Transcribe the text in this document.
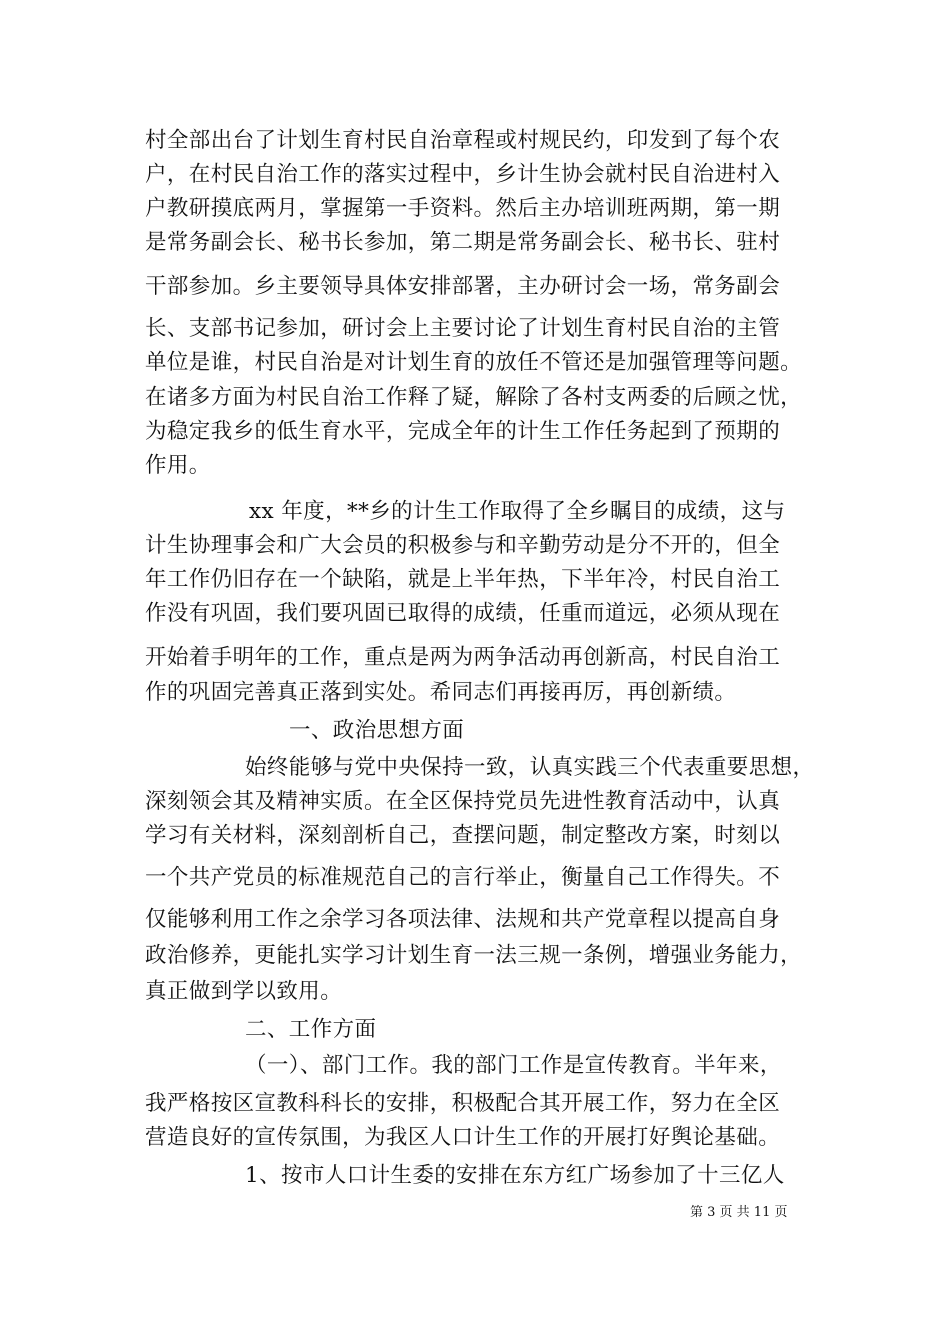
村全部出台了计划生育村民自治章程或村规民约，印发到了每个农
户，在村民自治工作的落实过程中，乡计生协会就村民自治进村入
户教研摸底两月，掌握第一手资料。然后主办培训班两期，第一期
是常务副会长、秘书长参加，第二期是常务副会长、秘书长、驻村
干部参加。乡主要领导具体安排部署，主办研讨会一场，常务副会
长、支部书记参加，研讨会上主要讨论了计划生育村民自治的主管
单位是谁，村民自治是对计划生育的放任不管还是加强管理等问题。
在诸多方面为村民自治工作释了疑，解除了各村支两委的后顾之忧，
为稳定我乡的低生育水平，完成全年的计生工作任务起到了预期的
作用。
xx 年度，**乡的计生工作取得了全乡瞩目的成绩，这与
计生协理事会和广大会员的积极参与和辛勤劳动是分不开的，但全
年工作仍旧存在一个缺陷，就是上半年热，下半年冷，村民自治工
作没有巩固，我们要巩固已取得的成绩，任重而道远，必须从现在
开始着手明年的工作，重点是两为两争活动再创新高，村民自治工
作的巩固完善真正落到实处。希同志们再接再厉，再创新绩。
一、政治思想方面
始终能够与党中央保持一致，认真实践三个代表重要思想，
深刻领会其及精神实质。在全区保持党员先进性教育活动中，认真
学习有关材料，深刻剖析自己，查摆问题，制定整改方案，时刻以
一个共产党员的标准规范自己的言行举止，衡量自己工作得失。不
仅能够利用工作之余学习各项法律、法规和共产党章程以提高自身
政治修养，更能扎实学习计划生育一法三规一条例，增强业务能力，
真正做到学以致用。
二、工作方面
（一）、部门工作。我的部门工作是宣传教育。半年来，
我严格按区宣教科科长的安排，积极配合其开展工作，努力在全区
营造良好的宣传氛围，为我区人口计生工作的开展打好舆论基础。
1、按市人口计生委的安排在东方红广场参加了十三亿人
第 3 页 共 11 页
